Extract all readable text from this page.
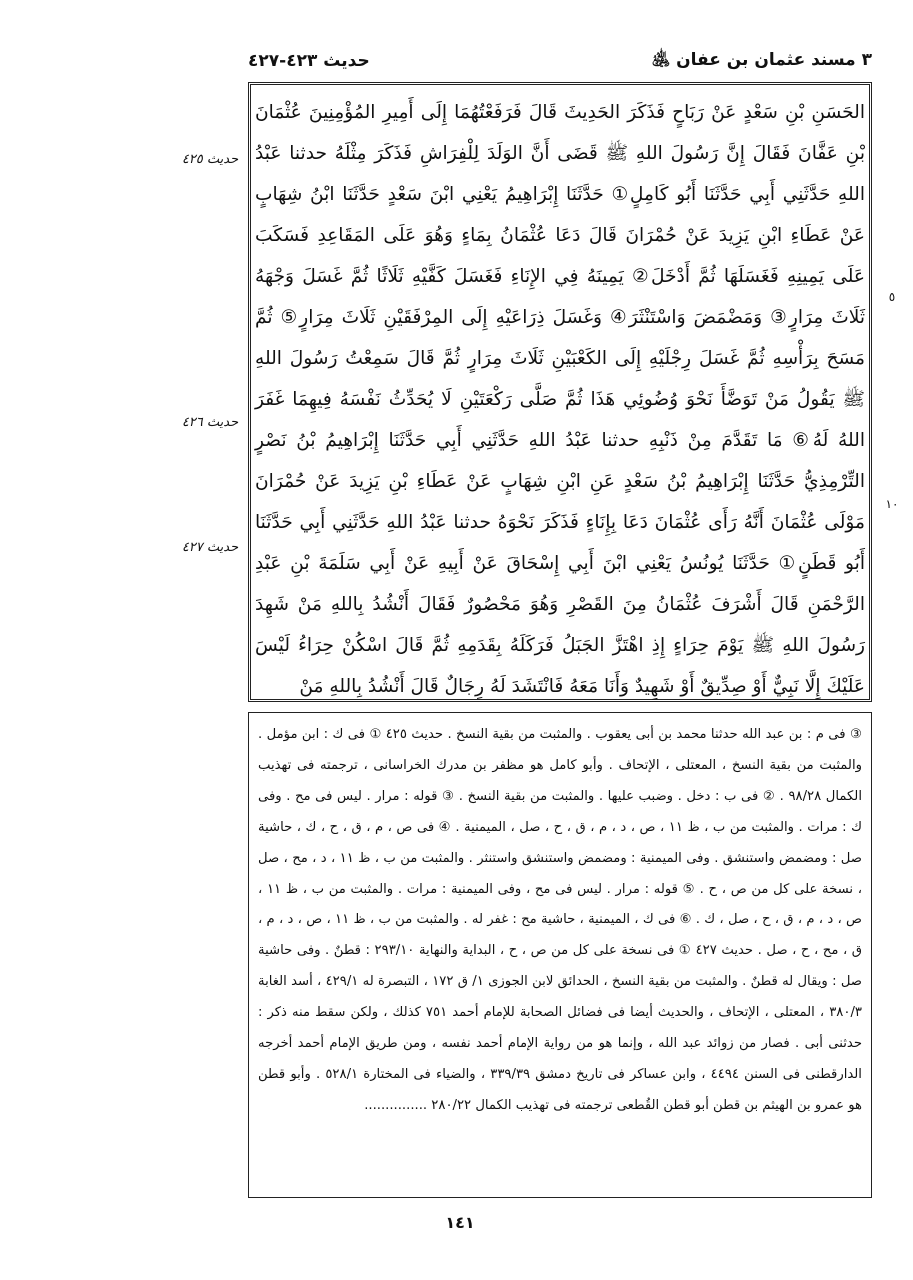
حديث ٤٢٣-٤٢٧	٣ مسند عثمان بن عفان ﵁

الحَسَنِ بْنِ سَعْدٍ عَنْ رَبَاحٍ فَذَكَرَ الحَدِيثَ قَالَ فَرَفَعْتُهُمَا إِلَى أَمِيرِ المُؤْمِنِينَ عُثْمَانَ بْنِ عَفَّانَ فَقَالَ إِنَّ رَسُولَ اللهِ ﷺ قَضَى أَنَّ الوَلَدَ لِلْفِرَاشِ فَذَكَرَ مِثْلَهُ حدثنا عَبْدُ اللهِ حَدَّثَنِي أَبِي حَدَّثَنَا أَبُو كَامِلٍ① حَدَّثَنَا إِبْرَاهِيمُ يَعْنِي ابْنَ سَعْدٍ حَدَّثَنَا ابْنُ شِهَابٍ عَنْ عَطَاءِ ابْنِ يَزِيدَ عَنْ حُمْرَانَ قَالَ دَعَا عُثْمَانُ بِمَاءٍ وَهُوَ عَلَى المَقَاعِدِ فَسَكَبَ عَلَى يَمِينِهِ فَغَسَلَهَا ثُمَّ أَدْخَلَ② يَمِينَهُ فِي الإِنَاءِ فَغَسَلَ كَفَّيْهِ ثَلَاثًا ثُمَّ غَسَلَ وَجْهَهُ ثَلَاثَ مِرَارٍ③ وَمَضْمَضَ وَاسْتَنْثَرَ④ وَغَسَلَ ذِرَاعَيْهِ إِلَى المِرْفَقَيْنِ ثَلَاثَ مِرَارٍ⑤ ثُمَّ مَسَحَ بِرَأْسِهِ ثُمَّ غَسَلَ رِجْلَيْهِ إِلَى الكَعْبَيْنِ ثَلَاثَ مِرَارٍ ثُمَّ قَالَ سَمِعْتُ رَسُولَ اللهِ ﷺ يَقُولُ مَنْ تَوَضَّأَ نَحْوَ وُضُوئِي هَذَا ثُمَّ صَلَّى رَكْعَتَيْنِ لَا يُحَدِّثُ نَفْسَهُ فِيهِمَا غَفَرَ اللهُ لَهُ⑥ مَا تَقَدَّمَ مِنْ ذَنْبِهِ حدثنا عَبْدُ اللهِ حَدَّثَنِي أَبِي حَدَّثَنَا إِبْرَاهِيمُ بْنُ نَصْرٍ التِّرْمِذِيُّ حَدَّثَنَا إِبْرَاهِيمُ بْنُ سَعْدٍ عَنِ ابْنِ شِهَابٍ عَنْ عَطَاءِ بْنِ يَزِيدَ عَنْ حُمْرَانَ مَوْلَى عُثْمَانَ أَنَّهُ رَأَى عُثْمَانَ دَعَا بِإِنَاءٍ فَذَكَرَ نَحْوَهُ حدثنا عَبْدُ اللهِ حَدَّثَنِي أَبِي حَدَّثَنَا أَبُو قَطَنٍ① حَدَّثَنَا يُونُسُ يَعْنِي ابْنَ أَبِي إِسْحَاقَ عَنْ أَبِيهِ عَنْ أَبِي سَلَمَةَ بْنِ عَبْدِ الرَّحْمَنِ قَالَ أَشْرَفَ عُثْمَانُ مِنَ القَصْرِ وَهُوَ مَحْصُورٌ فَقَالَ أَنْشُدُ بِاللهِ مَنْ شَهِدَ رَسُولَ اللهِ ﷺ يَوْمَ حِرَاءٍ إِذِ اهْتَزَّ الجَبَلُ فَرَكَلَهُ بِقَدَمِهِ ثُمَّ قَالَ اسْكُنْ حِرَاءُ لَيْسَ عَلَيْكَ إِلَّا نَبِيٌّ أَوْ صِدِّيقٌ أَوْ شَهِيدٌ وَأَنَا مَعَهُ فَانْتَشَدَ لَهُ رِجَالٌ قَالَ أَنْشُدُ بِاللهِ مَنْ

حديث ٤٢٥
حديث ٤٢٦
حديث ٤٢٧
٥
١٠

③ فى م : بن عبد الله حدثنا محمد بن أبى يعقوب . والمثبت من بقية النسخ . حديث ٤٢٥ ① فى ك : ابن مؤمل . والمثبت من بقية النسخ ، المعتلى ، الإتحاف . وأبو كامل هو مظفر بن مدرك الخراسانى ، ترجمته فى تهذيب الكمال ٩٨/٢٨ . ② فى ب : دخل . وضبب عليها . والمثبت من بقية النسخ . ③ قوله : مرار . ليس فى مح . وفى ك : مرات . والمثبت من ب ، ظ ١١ ، ص ، د ، م ، ق ، ح ، صل ، الميمنية . ④ فى ص ، م ، ق ، ح ، ك ، حاشية صل : ومضمض واستنشق . وفى الميمنية : ومضمض واستنشق واستنثر . والمثبت من ب ، ظ ١١ ، د ، مح ، صل ، نسخة على كل من ص ، ح . ⑤ قوله : مرار . ليس فى مح ، وفى الميمنية : مرات . والمثبت من ب ، ظ ١١ ، ص ، د ، م ، ق ، ح ، صل ، ك . ⑥ فى ك ، الميمنية ، حاشية مح : غفر له . والمثبت من ب ، ظ ١١ ، ص ، د ، م ، ق ، مح ، ح ، صل . حديث ٤٢٧ ① فى نسخة على كل من ص ، ح ، البداية والنهاية ٢٩٣/١٠ : قطنٌ . وفى حاشية صل : ويقال له قطنٌ . والمثبت من بقية النسخ ، الحدائق لابن الجوزى ١/ ق ١٧٢ ، التبصرة له ٤٢٩/١ ، أسد الغابة ٣٨٠/٣ ، المعتلى ، الإتحاف ، والحديث أيضا فى فضائل الصحابة للإمام أحمد ٧٥١ كذلك ، ولكن سقط منه ذكر : حدثنى أبى . فصار من زوائد عبد الله ، وإنما هو من رواية الإمام أحمد نفسه ، ومن طريق الإمام أحمد أخرجه الدارقطنى فى السنن ٤٤٩٤ ، وابن عساكر فى تاريخ دمشق ٣٣٩/٣٩ ، والضياء فى المختارة ٥٢٨/١ . وأبو قطن هو عمرو بن الهيثم بن قطن أبو قطن القُطعى ترجمته فى تهذيب الكمال ٢٨٠/٢٢ ...............

١٤١
